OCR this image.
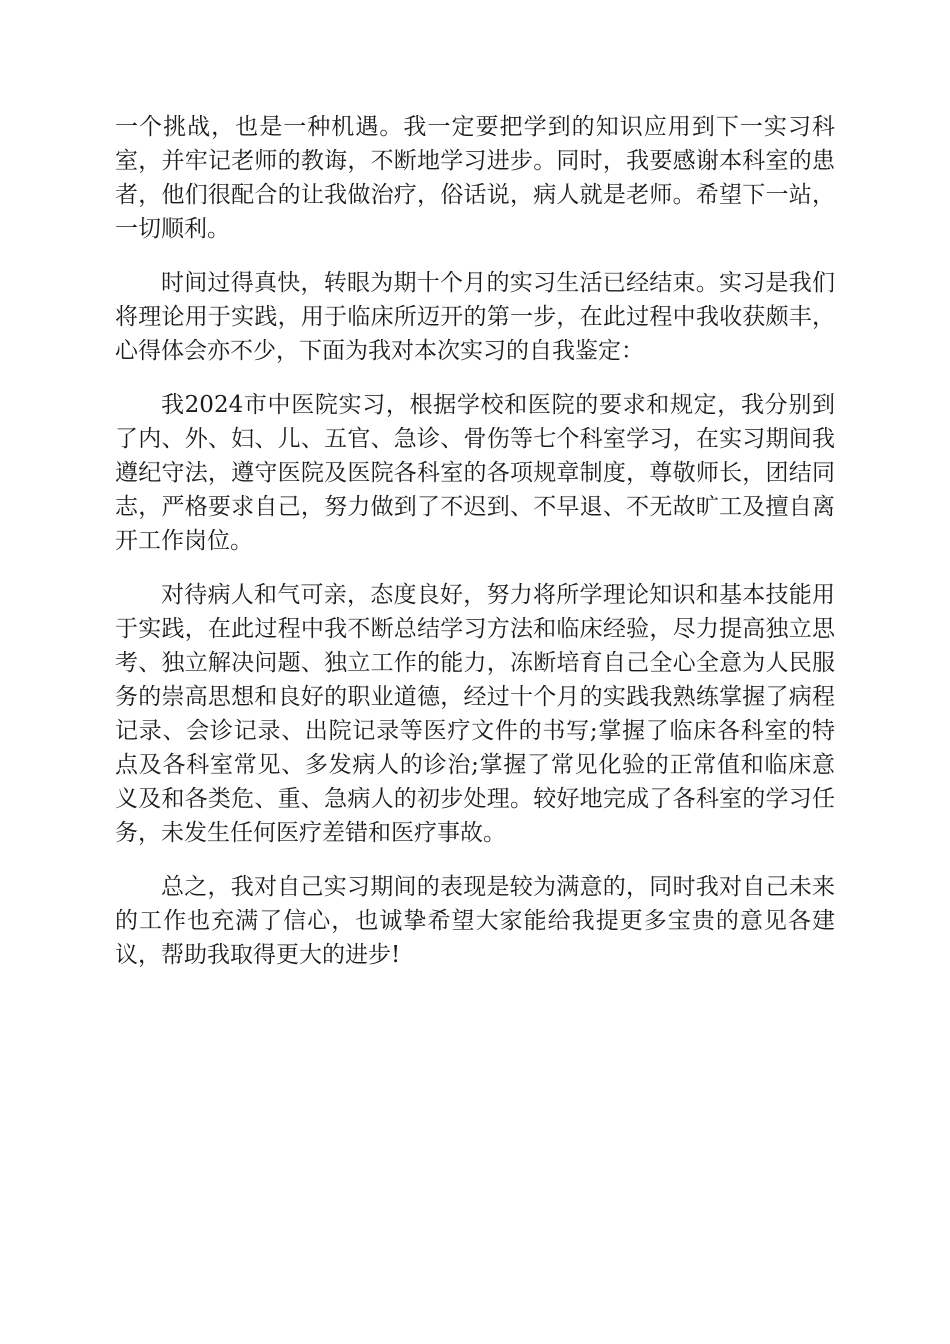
一个挑战，也是一种机遇。我一定要把学到的知识应用到下一实习科室，并牢记老师的教诲，不断地学习进步。同时，我要感谢本科室的患者，他们很配合的让我做治疗，俗话说，病人就是老师。希望下一站，一切顺利。

时间过得真快，转眼为期十个月的实习生活已经结束。实习是我们将理论用于实践，用于临床所迈开的第一步，在此过程中我收获颇丰，心得体会亦不少，下面为我对本次实习的自我鉴定：

我2024市中医院实习，根据学校和医院的要求和规定，我分别到了内、外、妇、儿、五官、急诊、骨伤等七个科室学习，在实习期间我遵纪守法，遵守医院及医院各科室的各项规章制度，尊敬师长，团结同志，严格要求自己，努力做到了不迟到、不早退、不无故旷工及擅自离开工作岗位。

对待病人和气可亲，态度良好，努力将所学理论知识和基本技能用于实践，在此过程中我不断总结学习方法和临床经验，尽力提高独立思考、独立解决问题、独立工作的能力，冻断培育自己全心全意为人民服务的崇高思想和良好的职业道德，经过十个月的实践我熟练掌握了病程记录、会诊记录、出院记录等医疗文件的书写;掌握了临床各科室的特点及各科室常见、多发病人的诊治;掌握了常见化验的正常值和临床意义及和各类危、重、急病人的初步处理。较好地完成了各科室的学习任务，未发生任何医疗差错和医疗事故。

总之，我对自己实习期间的表现是较为满意的，同时我对自己未来的工作也充满了信心，也诚挚希望大家能给我提更多宝贵的意见各建议，帮助我取得更大的进步!
